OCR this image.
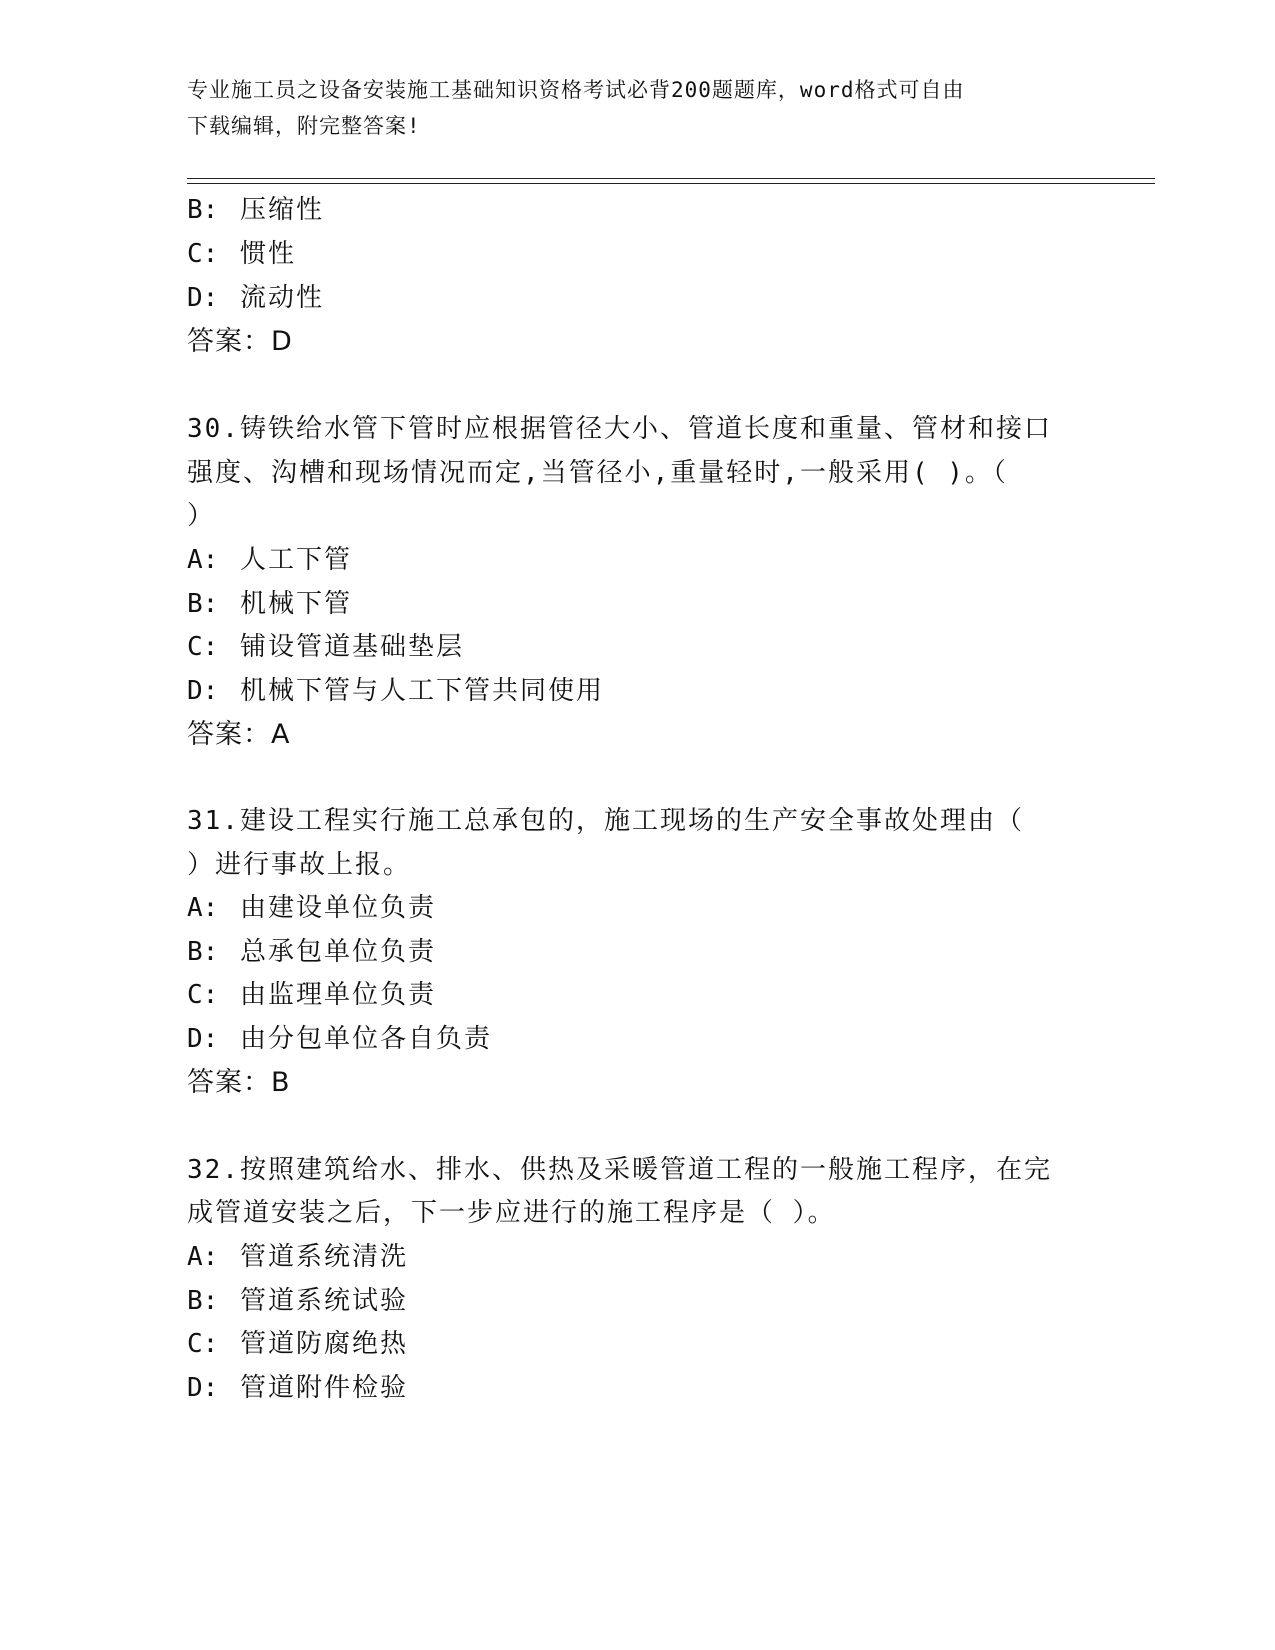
专业施工员之设备安装施工基础知识资格考试必背200题题库，word格式可自由
下载编辑，附完整答案!
B: 压缩性
C: 惯性
D: 流动性
答案：D
30.铸铁给水管下管时应根据管径大小、管道长度和重量、管材和接口
强度、沟槽和现场情况而定,当管径小,重量轻时,一般采用( )。（
）
A: 人工下管
B: 机械下管
C: 铺设管道基础垫层
D: 机械下管与人工下管共同使用
答案：A
31.建设工程实行施工总承包的，施工现场的生产安全事故处理由（
）进行事故上报。
A: 由建设单位负责
B: 总承包单位负责
C: 由监理单位负责
D: 由分包单位各自负责
答案：B
32.按照建筑给水、排水、供热及采暖管道工程的一般施工程序，在完
成管道安装之后，下一步应进行的施工程序是（ ）。
A: 管道系统清洗
B: 管道系统试验
C: 管道防腐绝热
D: 管道附件检验
